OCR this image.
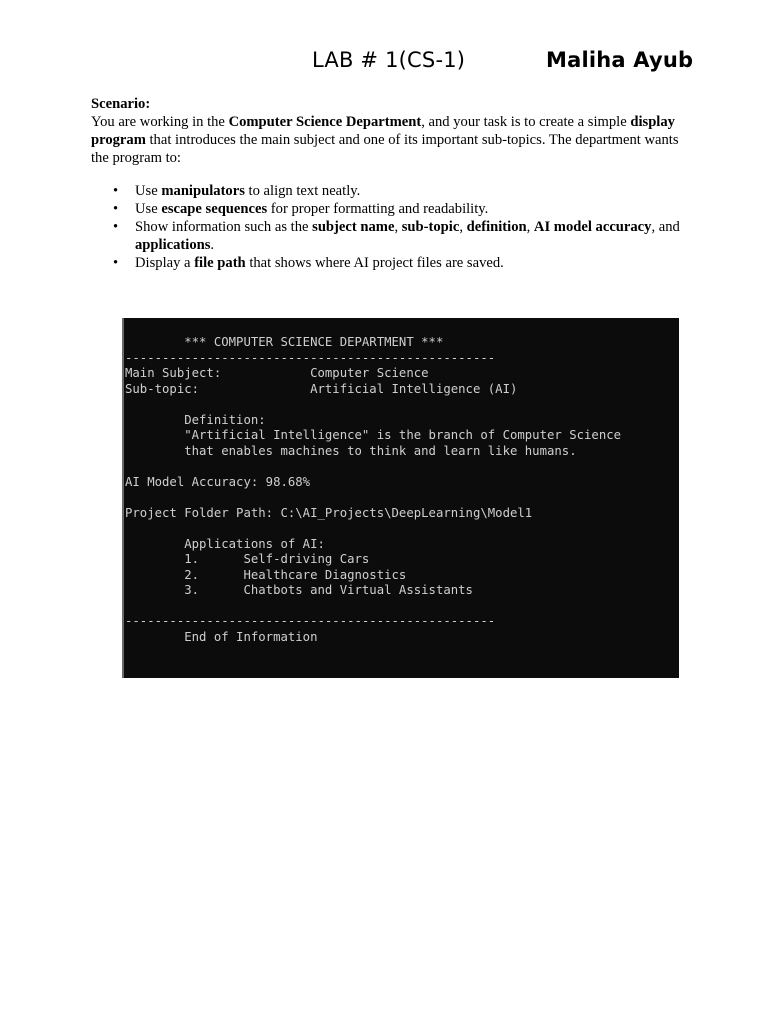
LAB # 1(CS-1)	Maliha Ayub
Scenario:

You are working in the Computer Science Department, and your task is to create a simple display program that introduces the main subject and one of its important sub-topics. The department wants the program to:

• Use manipulators to align text neatly.
• Use escape sequences for proper formatting and readability.
• Show information such as the subject name, sub-topic, definition, AI model accuracy, and applications.
• Display a file path that shows where AI project files are saved.
*** COMPUTER SCIENCE DEPARTMENT ***
--------------------------------------------------
Main Subject:            Computer Science
Sub-topic:               Artificial Intelligence (AI)
Definition:
"Artificial Intelligence" is the branch of Computer Science
that enables machines to think and learn like humans.
AI Model Accuracy: 98.68%
Project Folder Path: C:\AI_Projects\DeepLearning\Model1
Applications of AI:
1.      Self-driving Cars
2.      Healthcare Diagnostics
3.      Chatbots and Virtual Assistants
--------------------------------------------------
End of Information
